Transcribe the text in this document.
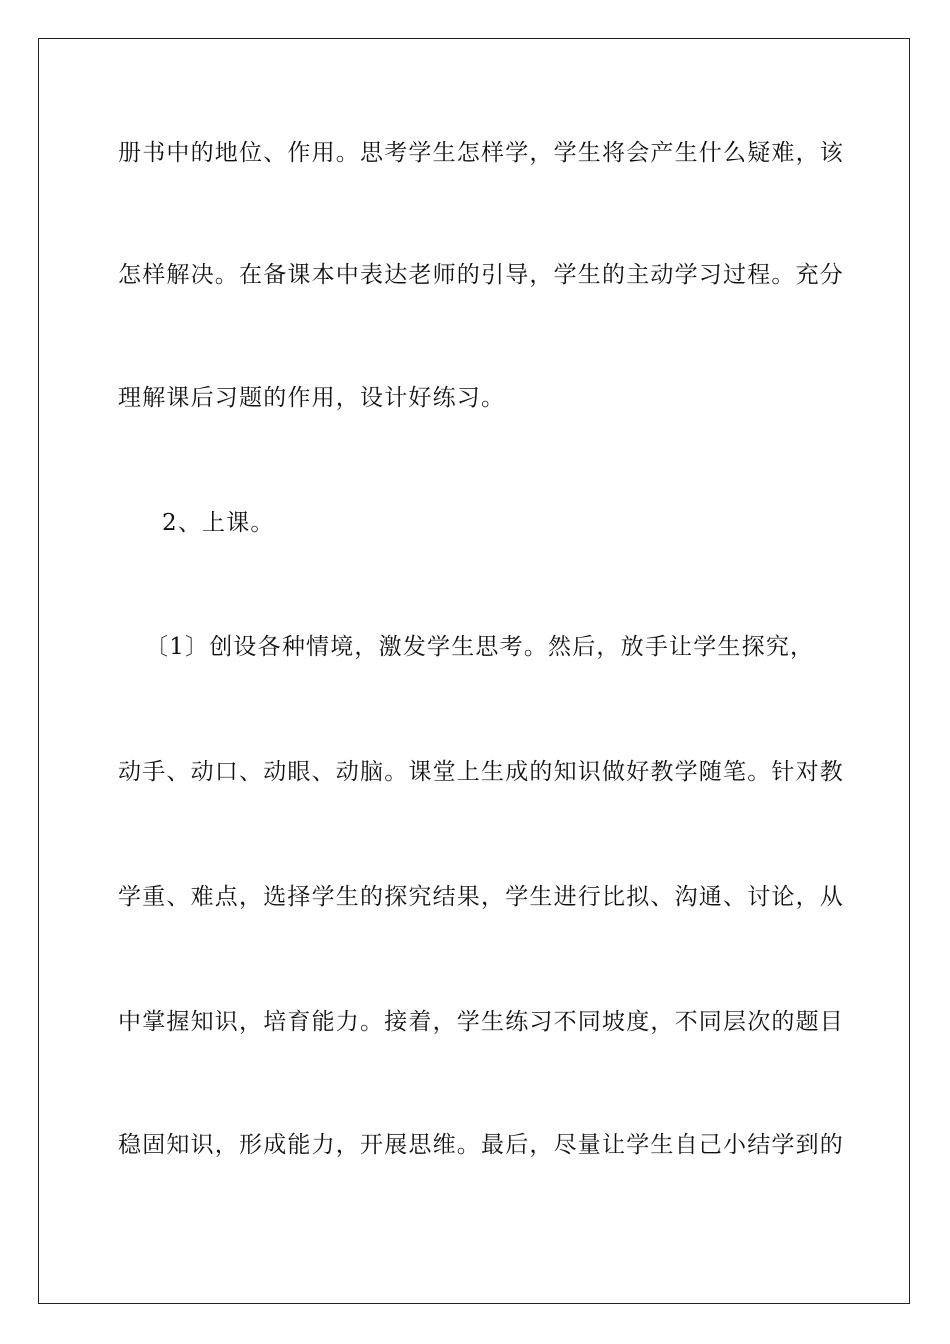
册书中的地位、作用。思考学生怎样学，学生将会产生什么疑难，该
怎样解决。在备课本中表达老师的引导，学生的主动学习过程。充分
理解课后习题的作用，设计好练习。
2、上课。
〔1〕创设各种情境，激发学生思考。然后，放手让学生探究，
动手、动口、动眼、动脑。课堂上生成的知识做好教学随笔。针对教
学重、难点，选择学生的探究结果，学生进行比拟、沟通、讨论，从
中掌握知识，培育能力。接着，学生练习不同坡度，不同层次的题目
稳固知识，形成能力，开展思维。最后，尽量让学生自己小结学到的
